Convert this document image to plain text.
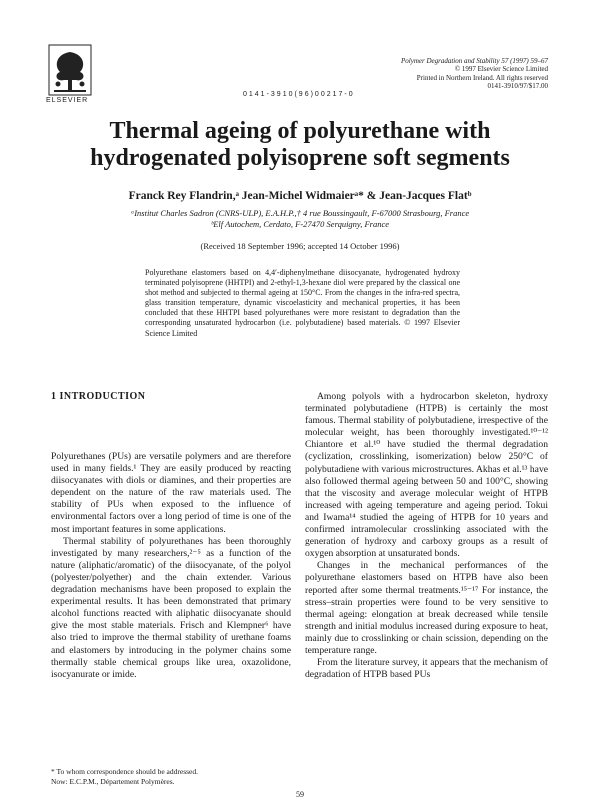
ELSEVIER
0141-3910(96)00217-0
Polymer Degradation and Stability 57 (1997) 59–67
© 1997 Elsevier Science Limited
Printed in Northern Ireland. All rights reserved
0141-3910/97/$17.00
Thermal ageing of polyurethane with hydrogenated polyisoprene soft segments
Franck Rey Flandrin,ᵃ Jean-Michel Widmaierᵃ* & Jean-Jacques Flatᵇ
ᵃInstitut Charles Sadron (CNRS-ULP), E.A.H.P.,† 4 rue Boussingault, F-67000 Strasbourg, France
ᵇElf Autochem, Cerdato, F-27470 Serquigny, France
(Received 18 September 1996; accepted 14 October 1996)
Polyurethane elastomers based on 4,4′-diphenylmethane diisocyanate, hydrogenated hydroxy terminated polyisoprene (HHTPI) and 2-ethyl-1,3-hexane diol were prepared by the classical one shot method and subjected to thermal ageing at 150°C. From the changes in the infra-red spectra, glass transition temperature, dynamic viscoelasticity and mechanical properties, it has been concluded that these HHTPI based polyurethanes were more resistant to degradation than the corresponding unsaturated hydrocarbon (i.e. polybutadiene) based materials. © 1997 Elsevier Science Limited
1 INTRODUCTION

Polyurethanes (PUs) are versatile polymers and are therefore used in many fields.¹ They are easily produced by reacting diisocyanates with diols or diamines, and their properties are dependent on the nature of the raw materials used. The stability of PUs when exposed to the influence of environmental factors over a long period of time is one of the most important features in some applications.

Thermal stability of polyurethanes has been thoroughly investigated by many researchers,²⁻⁵ as a function of the nature (aliphatic/aromatic) of the diisocyanate, of the polyol (polyester/polyether) and the chain extender. Various degradation mechanisms have been proposed to explain the experimental results. It has been demonstrated that primary alcohol functions reacted with aliphatic diisocyanate should give the most stable materials. Frisch and Klempner⁶ have also tried to improve the thermal stability of urethane foams and elastomers by introducing in the polymer chains some thermally stable chemical groups like urea, oxazolidone, isocyanurate or imide.

Among polyols with a hydrocarbon skeleton, hydroxy terminated polybutadiene (HTPB) is certainly the most famous. Thermal stability of polybutadiene, irrespective of the molecular weight, has been thoroughly investigated.¹⁰⁻¹² Chiantore et al.¹⁰ have studied the thermal degradation (cyclization, crosslinking, isomerization) below 250°C of polybutadiene with various microstructures. Akhas et al.¹³ have also followed thermal ageing between 50 and 100°C, showing that the viscosity and average molecular weight of HTPB increased with ageing temperature and ageing period. Tokui and Iwama¹⁴ studied the ageing of HTPB for 10 years and confirmed intramolecular crosslinking associated with the generation of hydroxy and carboxy groups as a result of oxygen absorption at unsaturated bonds.

Changes in the mechanical performances of the polyurethane elastomers based on HTPB have also been reported after some thermal treatments.¹⁵⁻¹⁷ For instance, the stress–strain properties were found to be very sensitive to thermal ageing: elongation at break decreased while tensile strength and initial modulus increased during exposure to heat, mainly due to crosslinking or chain scission, depending on the temperature range.

From the literature survey, it appears that the mechanism of degradation of HTPB based PUs

* To whom correspondence should be addressed.
Now: E.C.P.M., Département Polymères.
59
